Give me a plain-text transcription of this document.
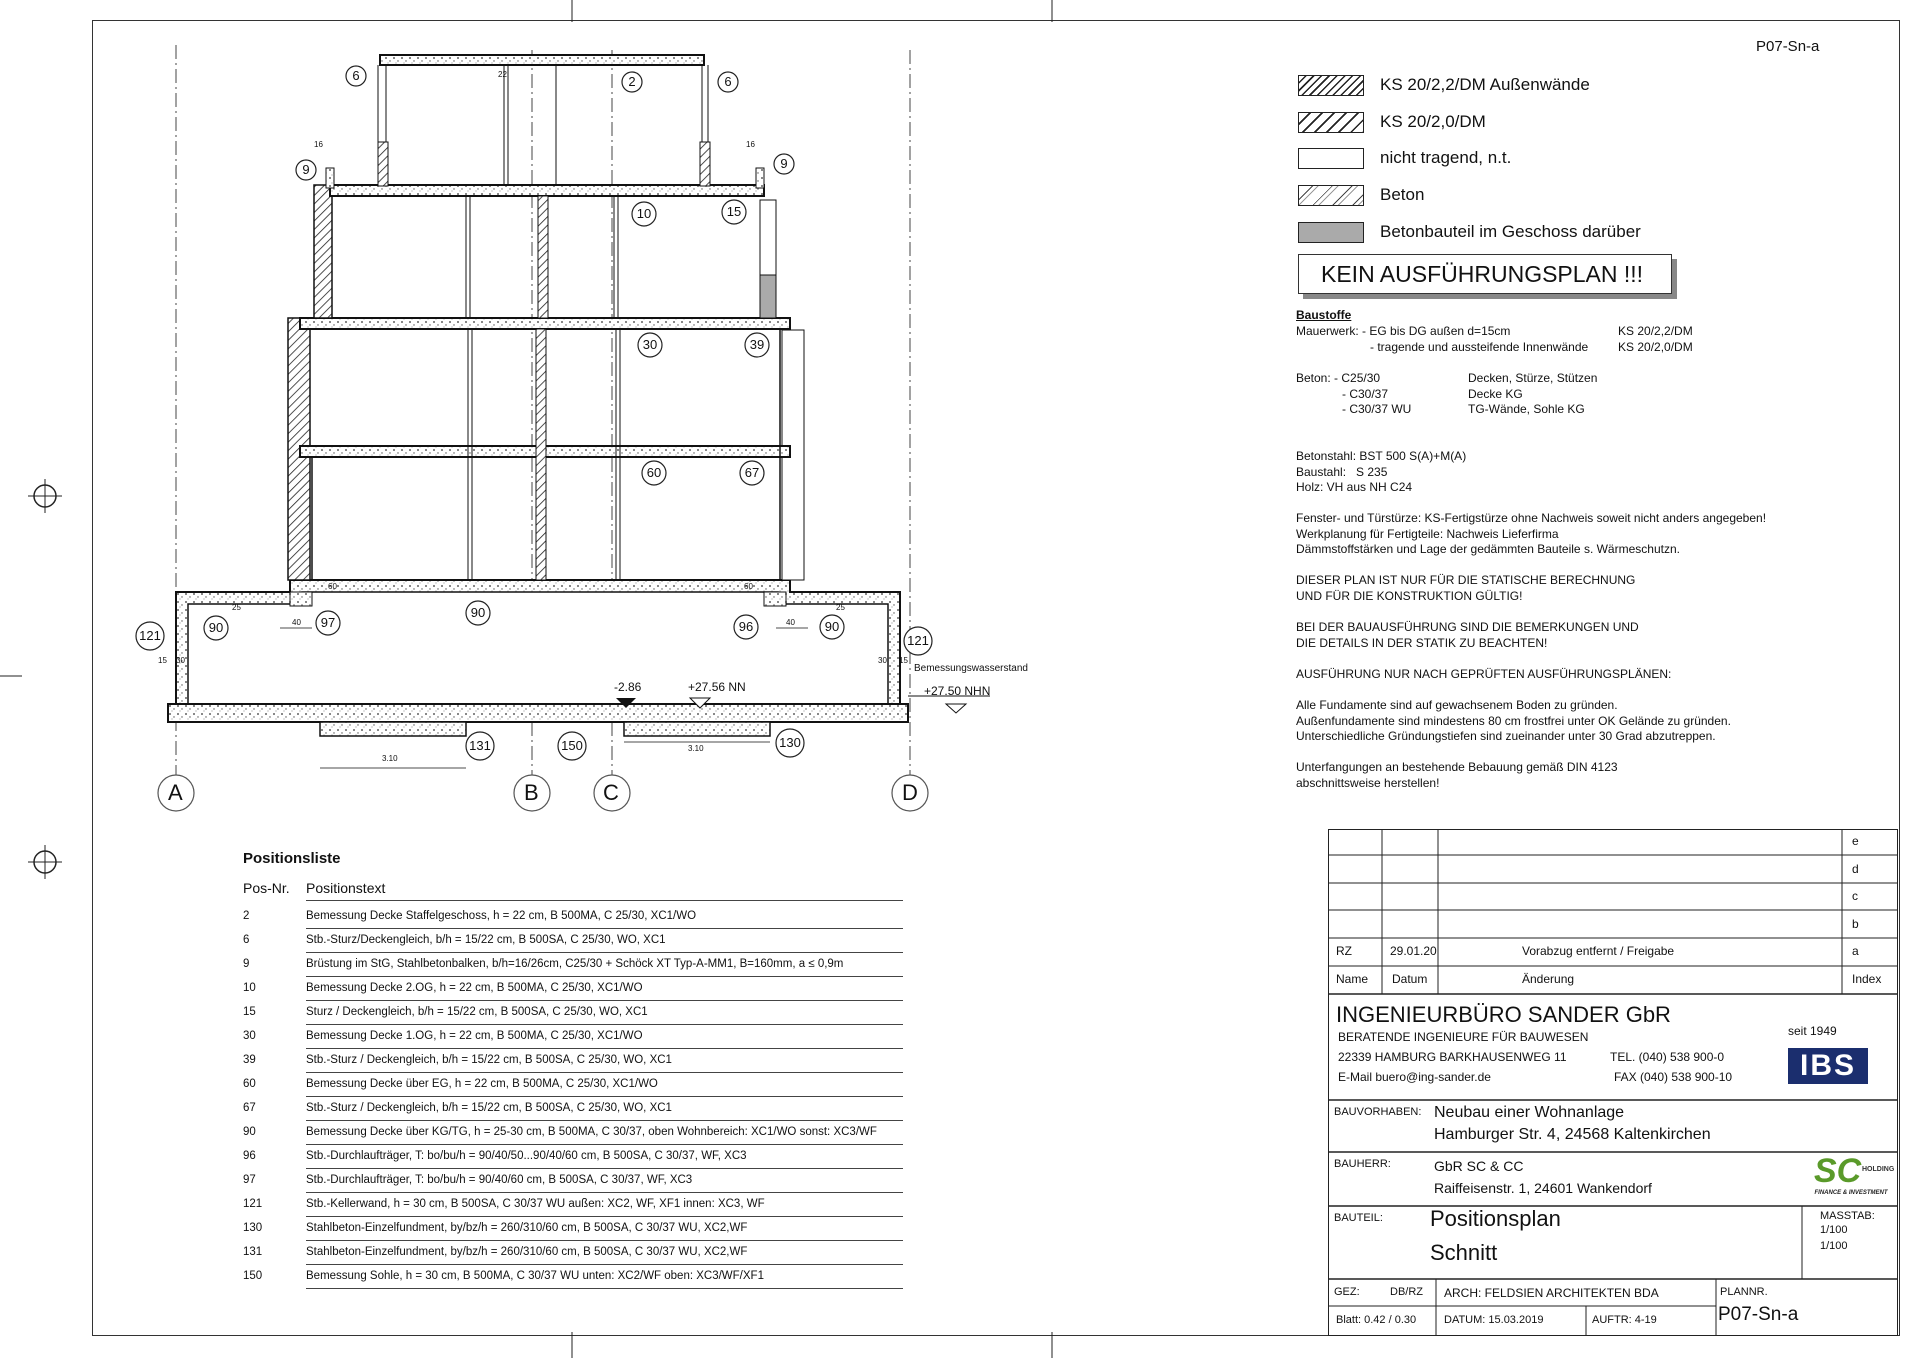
P07-Sn-a
A	B	C	D
6	2	6
9	9
10	15
30	39
60	67
90	97
90
96	90
121	121
131	150	130
-2.86	+27.56 NN
Bemessungswasserstand
+27.50 NHN
3.10
3.10
40	40
15	15
30	30
16	16
22
25	25
60	60
KS 20/2,2/DM Außenwände
KS 20/2,0/DM
nicht tragend, n.t.
Beton
Betonbauteil im Geschoss darüber
KEIN AUSFÜHRUNGSPLAN !!!
Baustoffe
Mauerwerk: - EG bis DG außen d=15cm	KS 20/2,2/DM
- tragende und aussteifende Innenwände KS 20/2,0/DM
Beton: - C25/30	Decken, Stürze, Stützen
- C30/37	Decke KG
- C30/37 WU	TG-Wände, Sohle KG
Betonstahl: BST 500 S(A)+M(A)
Baustahl:   S 235
Holz: VH aus NH C24
Fenster- und Türstürze: KS-Fertigstürze ohne Nachweis soweit nicht anders angegeben!
Werkplanung für Fertigteile: Nachweis Lieferfirma
Dämmstoffstärken und Lage der gedämmten Bauteile s. Wärmeschutzn.
DIESER PLAN IST NUR FÜR DIE STATISCHE BERECHNUNG
UND FÜR DIE KONSTRUKTION GÜLTIG!
BEI DER BAUAUSFÜHRUNG SIND DIE BEMERKUNGEN UND
DIE DETAILS IN DER STATIK ZU BEACHTEN!
AUSFÜHRUNG NUR NACH GEPRÜFTEN AUSFÜHRUNGSPLÄNEN:
Alle Fundamente sind auf gewachsenem Boden zu gründen.
Außenfundamente sind mindestens 80 cm frostfrei unter OK Gelände zu gründen.
Unterschiedliche Gründungstiefen sind zueinander unter 30 Grad abzutreppen.
Unterfangungen an bestehende Bebauung gemäß DIN 4123
abschnittsweise herstellen!
Positionsliste
Pos-Nr. Positionstext
2	Bemessung Decke Staffelgeschoss, h = 22 cm, B 500MA, C 25/30, XC1/WO
6	Stb.-Sturz/Deckengleich, b/h = 15/22 cm, B 500SA, C 25/30, WO, XC1
9	Brüstung im StG, Stahlbetonbalken, b/h=16/26cm, C25/30 + Schöck XT Typ-A-MM1, B=160mm, a ≤ 0,9m
10	Bemessung Decke 2.OG, h = 22 cm, B 500MA, C 25/30, XC1/WO
15	Sturz / Deckengleich, b/h = 15/22 cm, B 500SA, C 25/30, WO, XC1
30	Bemessung Decke 1.OG, h = 22 cm, B 500MA, C 25/30, XC1/WO
39	Stb.-Sturz / Deckengleich, b/h = 15/22 cm, B 500SA, C 25/30, WO, XC1
60	Bemessung Decke über EG, h = 22 cm, B 500MA, C 25/30, XC1/WO
67	Stb.-Sturz / Deckengleich, b/h = 15/22 cm, B 500SA, C 25/30, WO, XC1
90	Bemessung Decke über KG/TG, h = 25-30 cm, B 500MA, C 30/37, oben Wohnbereich: XC1/WO sonst: XC3/WF
96	Stb.-Durchlaufträger, T: bo/bu/h = 90/40/50...90/40/60 cm, B 500SA, C 30/37, WF, XC3
97	Stb.-Durchlaufträger, T: bo/bu/h = 90/40/60 cm, B 500SA, C 30/37, WF, XC3
121	Stb.-Kellerwand, h = 30 cm, B 500SA, C 30/37 WU außen: XC2, WF, XF1 innen: XC3, WF
130	Stahlbeton-Einzelfundment, by/bz/h = 260/310/60 cm, B 500SA, C 30/37 WU, XC2,WF
131	Stahlbeton-Einzelfundment, by/bz/h = 260/310/60 cm, B 500SA, C 30/37 WU, XC2,WF
150	Bemessung Sohle, h = 30 cm, B 500MA, C 30/37 WU unten: XC2/WF oben: XC3/WF/XF1
e
d
c
b
RZ	29.01.20	Vorabzug entfernt / Freigabe	a
Name Datum	Änderung	Index
INGENIEURBÜRO SANDER GbR
BERATENDE INGENIEURE FÜR BAUWESEN
22339 HAMBURG BARKHAUSENWEG 11	TEL. (040) 538 900-0
E-Mail buero@ing-sander.de	FAX (040) 538 900-10
seit 1949
IBS
BAUVORHABEN: Neubau einer Wohnanlage
Hamburger Str. 4, 24568 Kaltenkirchen
BAUHERR:	GbR SC & CC
Raiffeisenstr. 1, 24601 Wankendorf	SC HOLDING
FINANCE & INVESTMENT
BAUTEIL: Positionsplan
Schnitt
MASSTAB:
1/100
1/100
GEZ:	DB/RZ ARCH: FELDSIEN ARCHITEKTEN BDA	PLANNR.
P07-Sn-a
Blatt: 0.42 / 0.30	DATUM: 15.03.2019	AUFTR: 4-19
